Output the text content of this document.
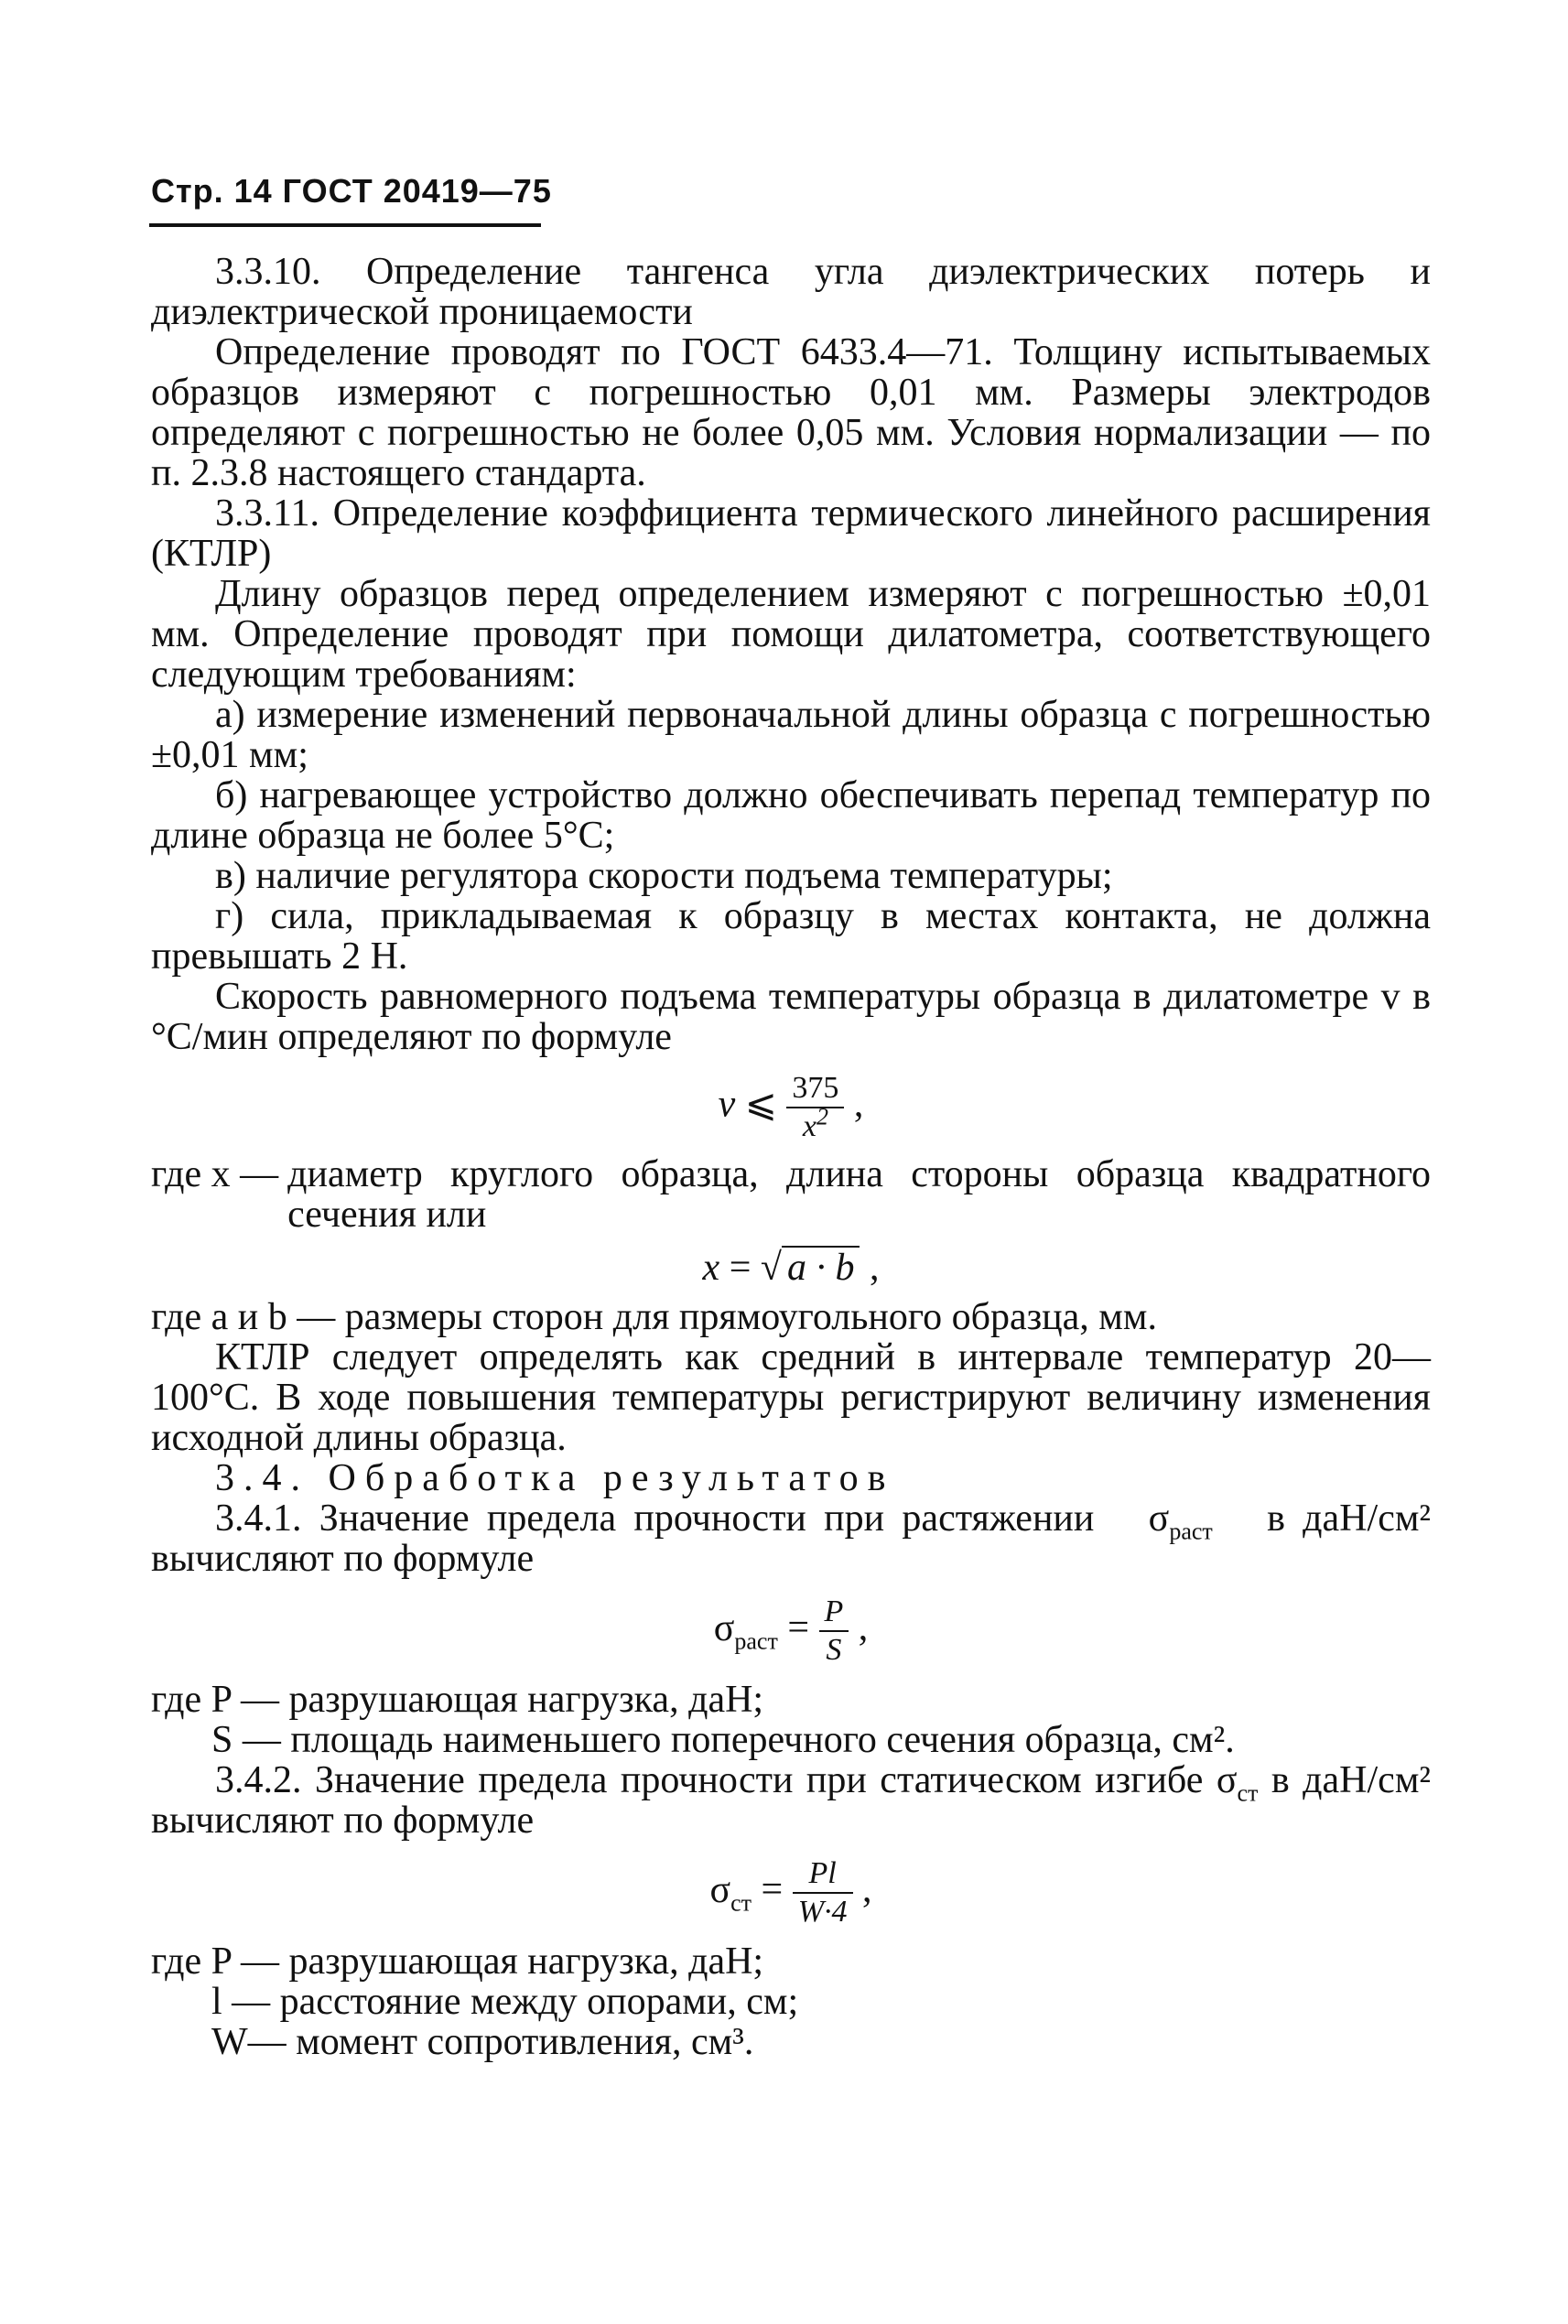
Стр. 14 ГОСТ 20419—75

3.3.10. Определение тангенса угла диэлектрических потерь и диэлектрической проницаемости

Определение проводят по ГОСТ 6433.4—71. Толщину испытываемых образцов измеряют с погрешностью 0,01 мм. Размеры электродов определяют с погрешностью не более 0,05 мм. Условия нормализации — по п. 2.3.8 настоящего стандарта.

3.3.11. Определение коэффициента термического линейного расширения (КТЛР)

Длину образцов перед определением измеряют с погрешностью ±0,01 мм. Определение проводят при помощи дилатометра, соответствующего следующим требованиям:

а) измерение изменений первоначальной длины образца с погрешностью ±0,01 мм;

б) нагревающее устройство должно обеспечивать перепад температур по длине образца не более 5°С;

в) наличие регулятора скорости подъема температуры;

г) сила, прикладываемая к образцу в местах контакта, не должна превышать 2 Н.

Скорость равномерного подъема температуры образца в дилатометре v в °С/мин определяют по формуле

v ⩽ $\frac{375}{x^2}$ ,
где x — диаметр круглого образца, длина стороны образца квадратного сечения или
x = √ a · b ,

где a и b — размеры сторон для прямоугольного образца, мм.

КТЛР следует определять как средний в интервале температур 20—100°С. В ходе повышения температуры регистрируют величину изменения исходной длины образца.

3.4. Обработка результатов

3.4.1. Значение предела прочности при растяжении $\sigma_{раст}$ в даН/см² вычисляют по формуле

$\sigma_{раст} = \frac{P}{S}$ ,

где P — разрушающая нагрузка, даН;

S — площадь наименьшего поперечного сечения образца, см².

3.4.2. Значение предела прочности при статическом изгибе $\sigma_{ст}$ в даН/см² вычисляют по формуле

$\sigma_{ст} = \frac{Pl}{W\cdot 4}$ ,

где P — разрушающая нагрузка, даН;

l — расстояние между опорами, см;

W— момент сопротивления, см³.
